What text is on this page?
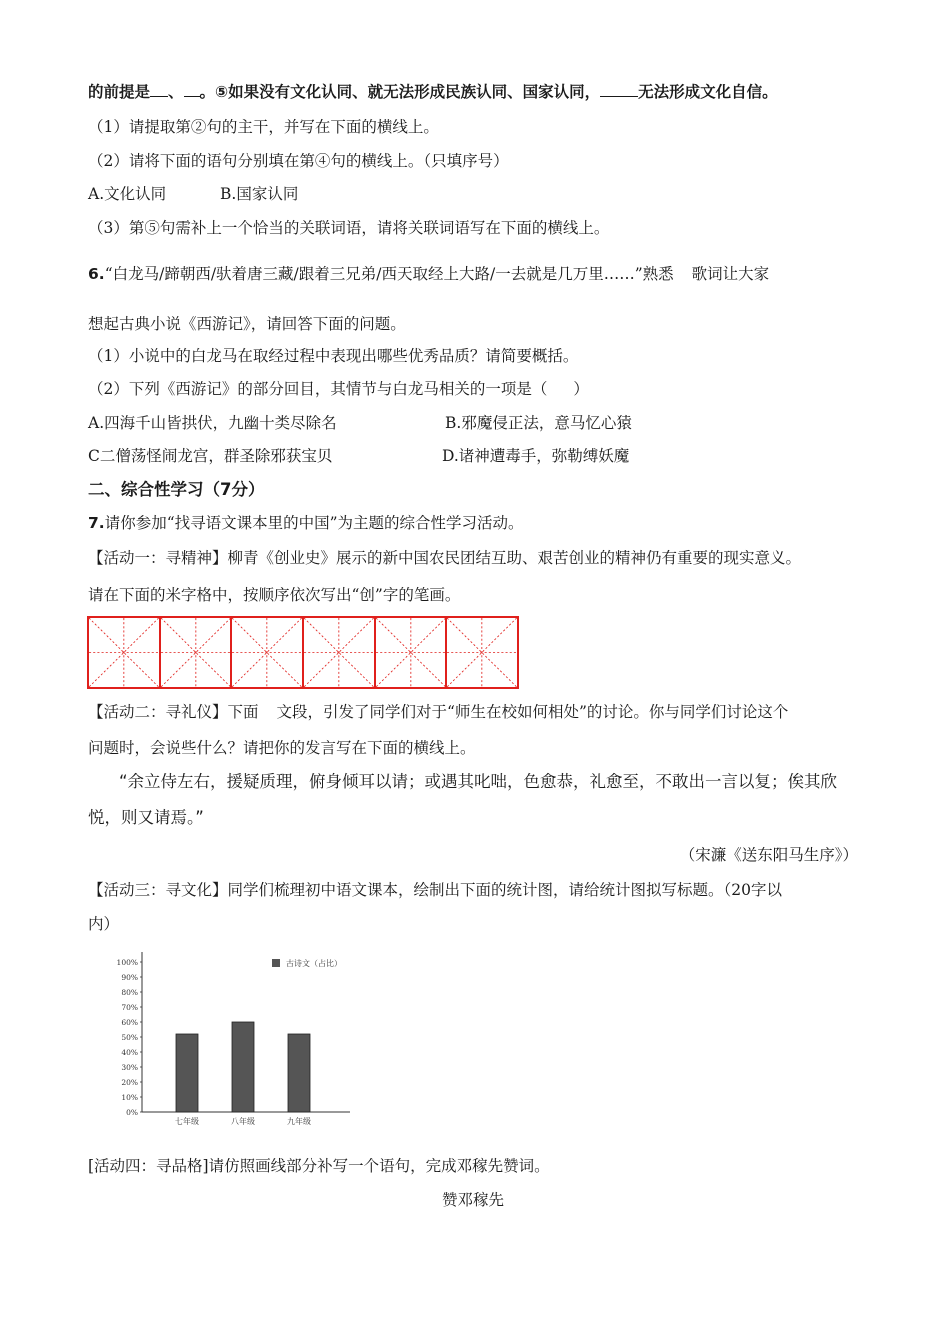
的前提是 、 。⑤如果没有文化认同、就无法形成民族认同、国家认同， 无法形成文化自信。
（1）请提取第②句的主干，并写在下面的横线上。
（2）请将下面的语句分别填在第④句的横线上。（只填序号）
A.文化认同	B.国家认同
（3）第⑤句需补上一个恰当的关联词语，请将关联词语写在下面的横线上。
6.“白龙马/蹄朝西/驮着唐三藏/跟着三兄弟/西天取经上大路/一去就是几万里……”熟悉 歌词让大家
想起古典小说《西游记》，请回答下面的问题。
（1）小说中的白龙马在取经过程中表现出哪些优秀品质？请简要概括。
（2）下列《西游记》的部分回目，其情节与白龙马相关的一项是（ ）
A.四海千山皆拱伏，九幽十类尽除名	B.邪魔侵正法，意马忆心猿
C二僧荡怪闹龙宫，群圣除邪获宝贝	D.诸神遭毒手，弥勒缚妖魔
二、综合性学习（7分）
7.请你参加“找寻语文课本里的中国”为主题的综合性学习活动。
【活动一：寻精神】柳青《创业史》展示的新中国农民团结互助、艰苦创业的精神仍有重要的现实意义。
请在下面的米字格中，按顺序依次写出“创”字的笔画。
【活动二：寻礼仪】下面 文段，引发了同学们对于“师生在校如何相处”的讨论。你与同学们讨论这个
问题时，会说些什么？请把你的发言写在下面的横线上。
“余立侍左右，援疑质理，俯身倾耳以请；或遇其叱咄，色愈恭，礼愈至，不敢出一言以复；俟其欣
悦，则又请焉。”
（宋濂《送东阳马生序》）
【活动三：寻文化】同学们梳理初中语文课本，绘制出下面的统计图，请给统计图拟写标题。（20字以
内）
0%
10%
20%
30%
40%
50%
60%
70%
80%
90%
100%	古诗文（占比）
七年级	八年级	九年级
[活动四：寻品格]请仿照画线部分补写一个语句，完成邓稼先赞词。
赞邓稼先
